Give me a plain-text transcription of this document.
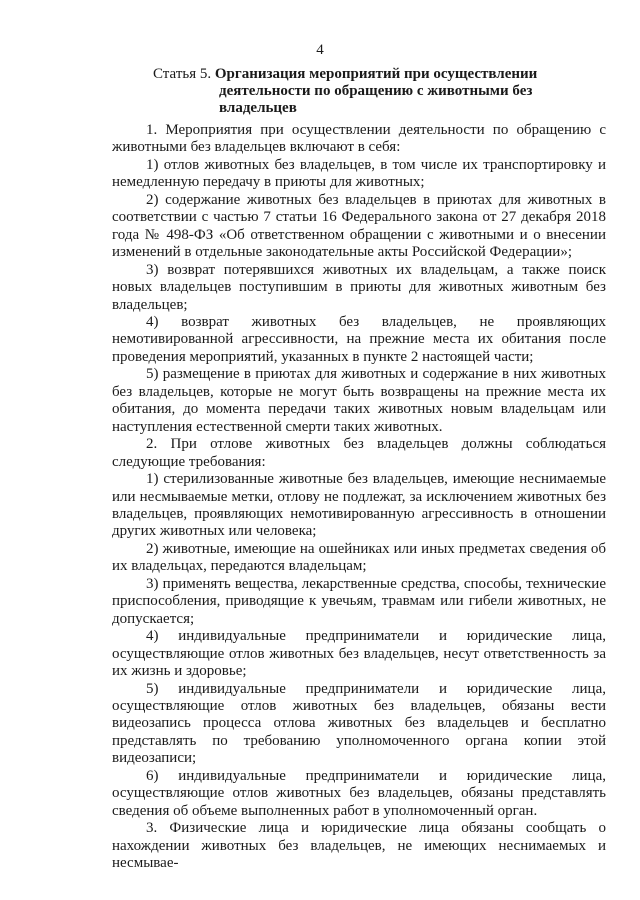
4
Статья 5. Организация мероприятий при осуществлении
деятельности по обращению с животными без
владельцев

1. Мероприятия при осуществлении деятельности по обращению с животными без владельцев включают в себя:

1) отлов животных без владельцев, в том числе их транспортировку и немедленную передачу в приюты для животных;

2) содержание животных без владельцев в приютах для животных в соответствии с частью 7 статьи 16 Федерального закона от 27 декабря 2018 года № 498-ФЗ «Об ответственном обращении с животными и о внесении изменений в отдельные законодательные акты Российской Федерации»;

3) возврат потерявшихся животных их владельцам, а также поиск новых владельцев поступившим в приюты для животных животным без владельцев;

4) возврат животных без владельцев, не проявляющих немотивированной агрессивности, на прежние места их обитания после проведения мероприятий, указанных в пункте 2 настоящей части;

5) размещение в приютах для животных и содержание в них животных без владельцев, которые не могут быть возвращены на прежние места их обитания, до момента передачи таких животных новым владельцам или наступления естественной смерти таких животных.

2. При отлове животных без владельцев должны соблюдаться следующие требования:

1) стерилизованные животные без владельцев, имеющие неснимаемые или несмываемые метки, отлову не подлежат, за исключением животных без владельцев, проявляющих немотивированную агрессивность в отношении других животных или человека;

2) животные, имеющие на ошейниках или иных предметах сведения об их владельцах, передаются владельцам;

3) применять вещества, лекарственные средства, способы, технические приспособления, приводящие к увечьям, травмам или гибели животных, не допускается;

4) индивидуальные предприниматели и юридические лица, осуществляющие отлов животных без владельцев, несут ответственность за их жизнь и здоровье;

5) индивидуальные предприниматели и юридические лица, осуществляющие отлов животных без владельцев, обязаны вести видеозапись процесса отлова животных без владельцев и бесплатно представлять по требованию уполномоченного органа копии этой видеозаписи;

6) индивидуальные предприниматели и юридические лица, осуществляющие отлов животных без владельцев, обязаны представлять сведения об объеме выполненных работ в уполномоченный орган.

3. Физические лица и юридические лица обязаны сообщать о нахождении животных без владельцев, не имеющих неснимаемых и несмывае-
